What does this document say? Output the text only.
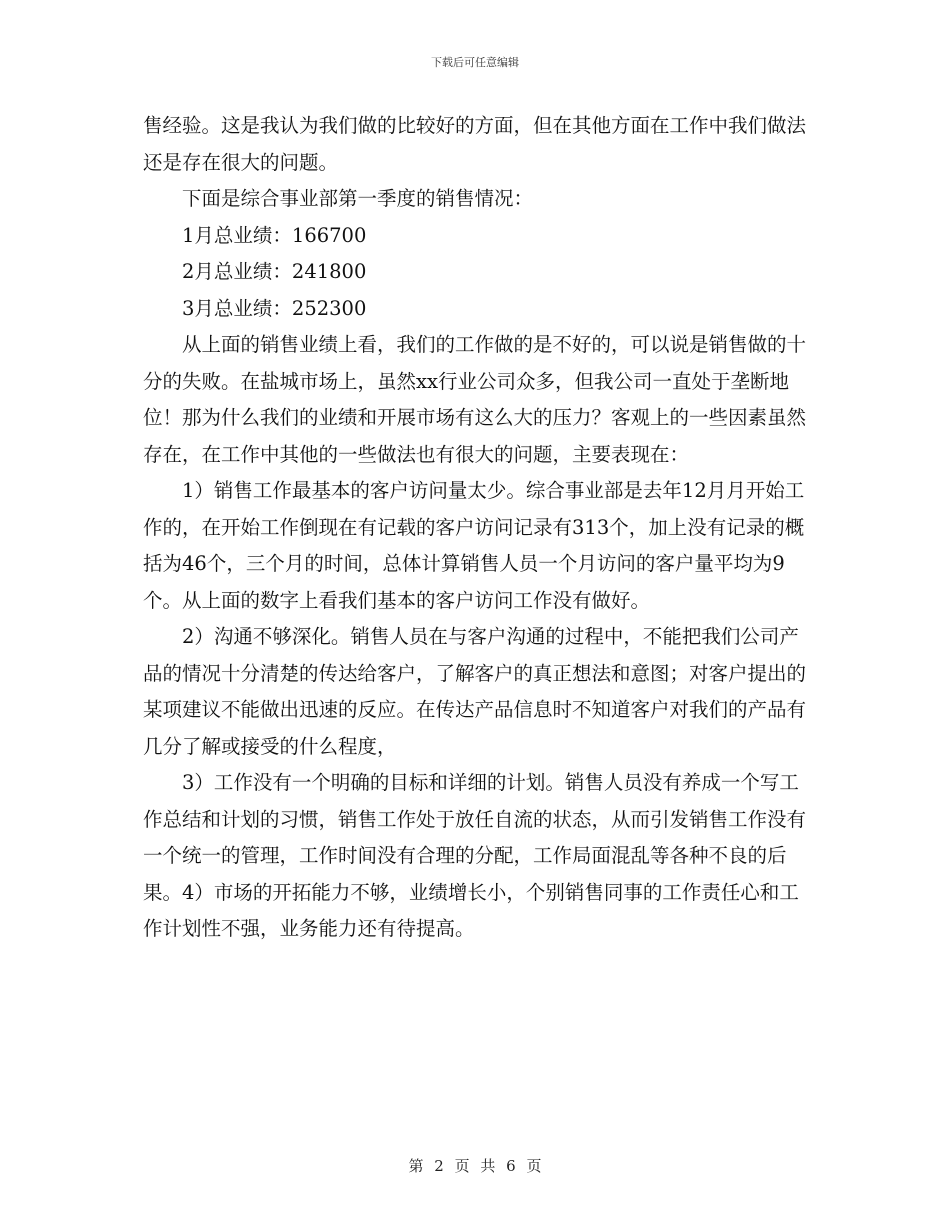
下载后可任意编辑

售经验。这是我认为我们做的比较好的方面，但在其他方面在工作中我们做法还是存在很大的问题。

下面是综合事业部第一季度的销售情况：

1月总业绩：166700

2月总业绩：241800

3月总业绩：252300

从上面的销售业绩上看，我们的工作做的是不好的，可以说是销售做的十分的失败。在盐城市场上，虽然xx行业公司众多，但我公司一直处于垄断地位！那为什么我们的业绩和开展市场有这么大的压力？客观上的一些因素虽然存在，在工作中其他的一些做法也有很大的问题，主要表现在：

1）销售工作最基本的客户访问量太少。综合事业部是去年12月月开始工作的，在开始工作倒现在有记载的客户访问记录有313个，加上没有记录的概括为46个，三个月的时间，总体计算销售人员一个月访问的客户量平均为9个。从上面的数字上看我们基本的客户访问工作没有做好。

2）沟通不够深化。销售人员在与客户沟通的过程中，不能把我们公司产品的情况十分清楚的传达给客户，了解客户的真正想法和意图；对客户提出的某项建议不能做出迅速的反应。在传达产品信息时不知道客户对我们的产品有几分了解或接受的什么程度，

3）工作没有一个明确的目标和详细的计划。销售人员没有养成一个写工作总结和计划的习惯，销售工作处于放任自流的状态，从而引发销售工作没有一个统一的管理，工作时间没有合理的分配，工作局面混乱等各种不良的后果。4）市场的开拓能力不够，业绩增长小，个别销售同事的工作责任心和工作计划性不强，业务能力还有待提高。

第 2 页 共 6 页
